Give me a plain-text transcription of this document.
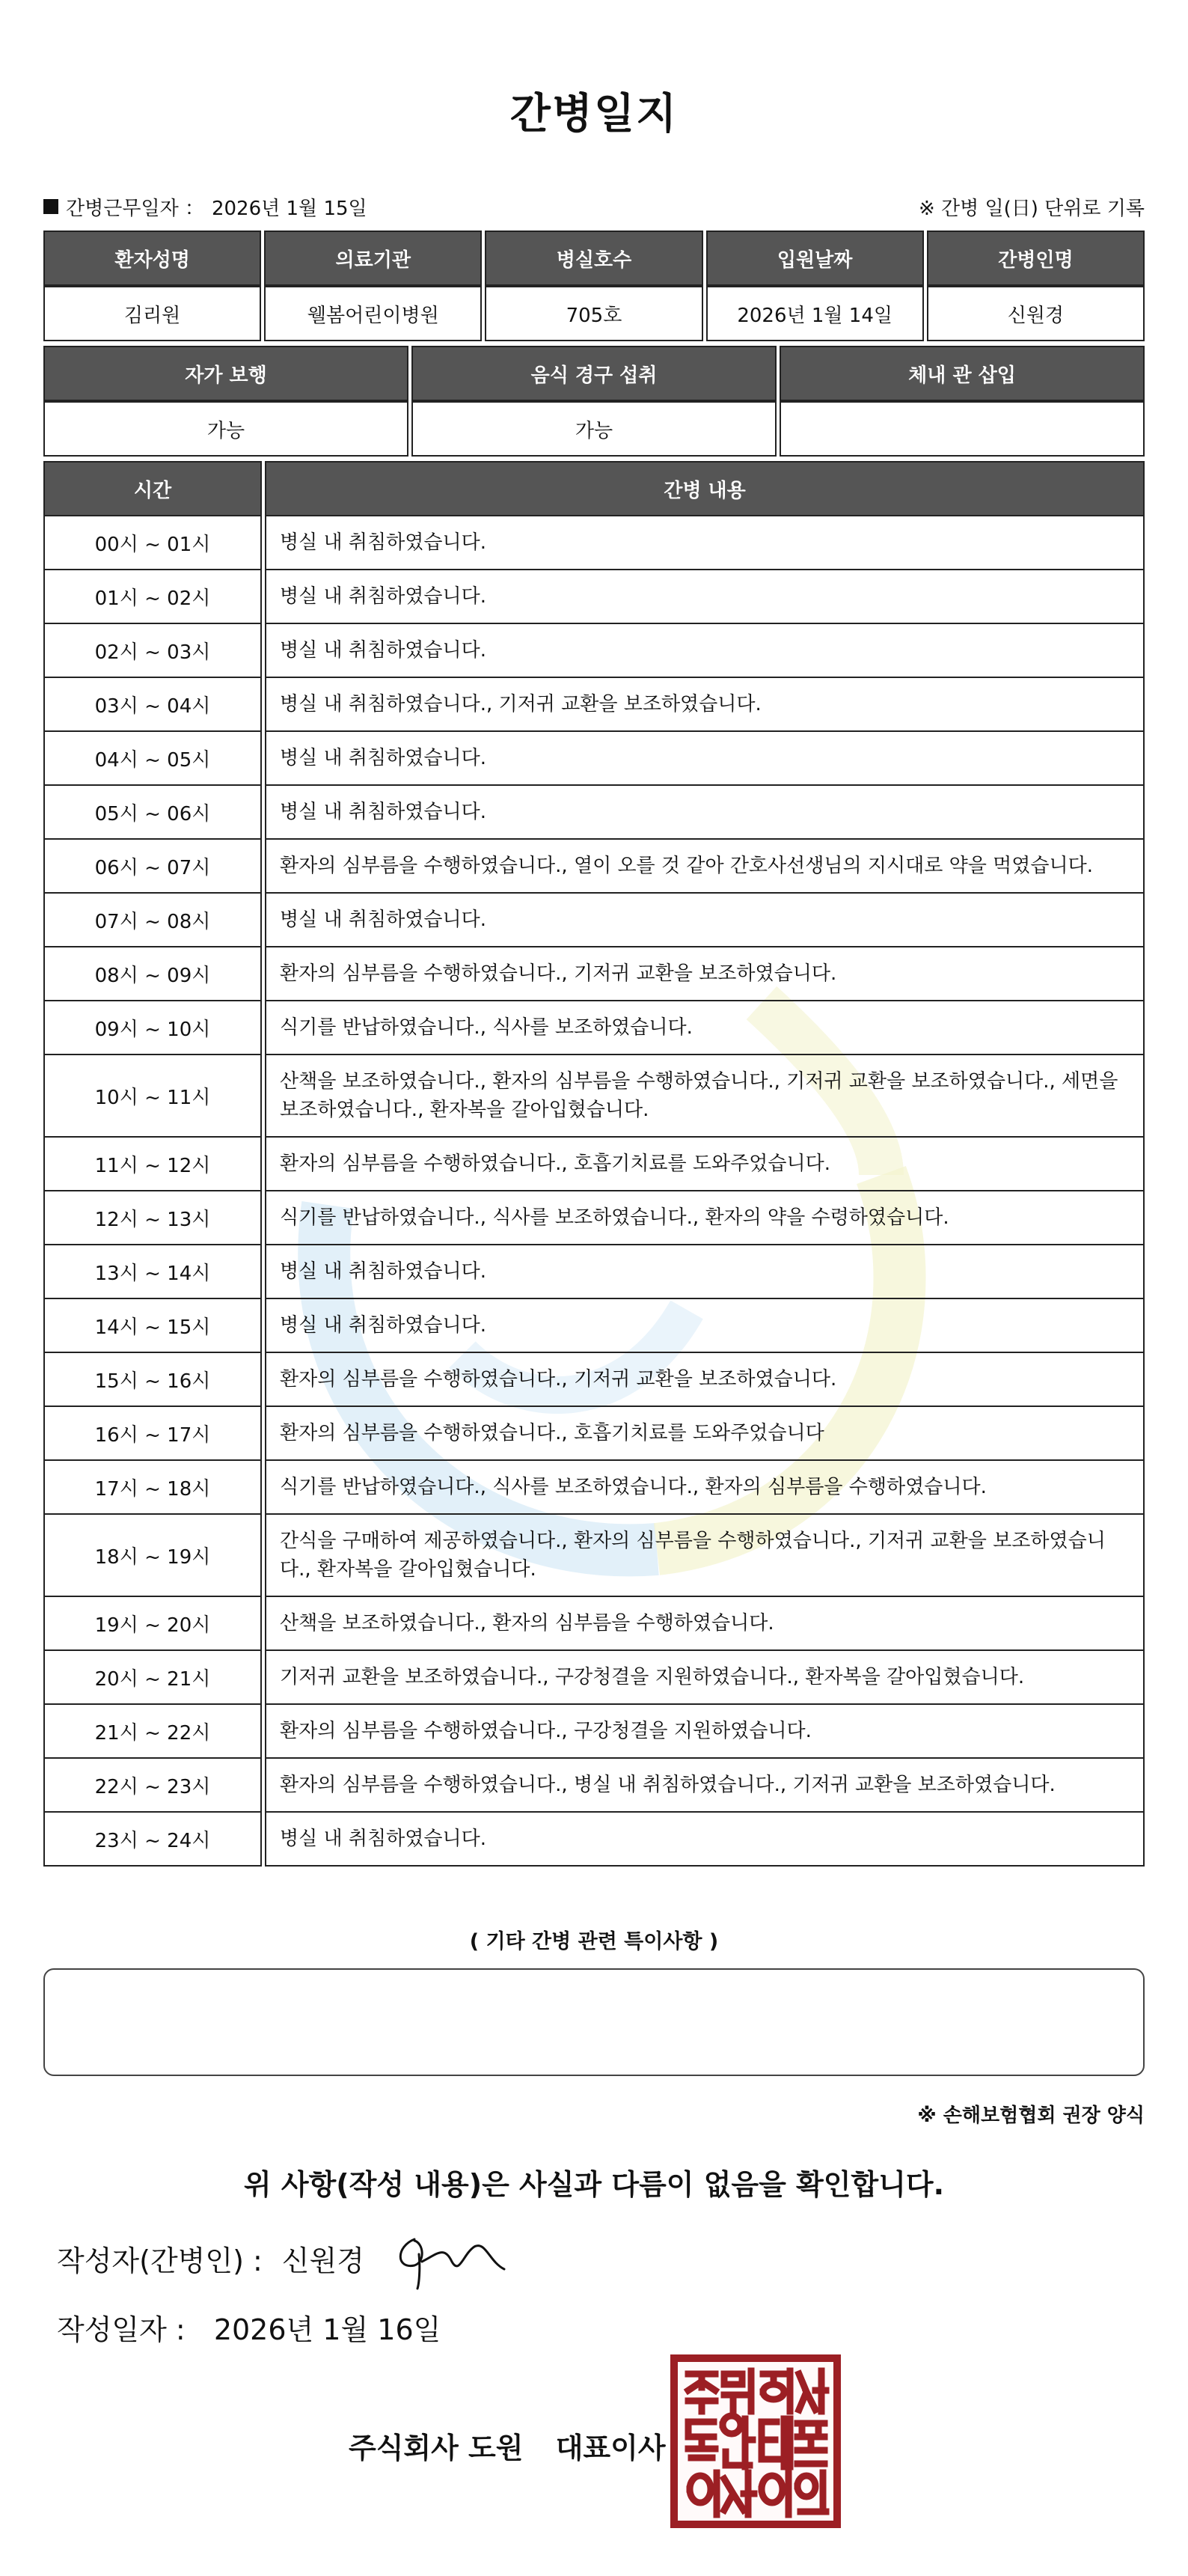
간병일지
간병근무일자 ： 2026년 1월 15일	※ 간병 일(日) 단위로 기록
환자성명	의료기관	병실호수	입원날짜	간병인명
김리원	웰봄어린이병원	705호	2026년 1월 14일	신원경
자가 보행	음식 경구 섭취	체내 관 삽입
가능	가능	
시간	간병 내용
00시 ~ 01시	병실 내 취침하였습니다.
01시 ~ 02시	병실 내 취침하였습니다.
02시 ~ 03시	병실 내 취침하였습니다.
03시 ~ 04시	병실 내 취침하였습니다., 기저귀 교환을 보조하였습니다.
04시 ~ 05시	병실 내 취침하였습니다.
05시 ~ 06시	병실 내 취침하였습니다.
06시 ~ 07시	환자의 심부름을 수행하였습니다., 열이 오를 것 같아 간호사선생님의 지시대로 약을 먹였습니다.
07시 ~ 08시	병실 내 취침하였습니다.
08시 ~ 09시	환자의 심부름을 수행하였습니다., 기저귀 교환을 보조하였습니다.
09시 ~ 10시	식기를 반납하였습니다., 식사를 보조하였습니다.
10시 ~ 11시	산책을 보조하였습니다., 환자의 심부름을 수행하였습니다., 기저귀 교환을 보조하였습니다., 세면을 보조하였습니다., 환자복을 갈아입혔습니다.
11시 ~ 12시	환자의 심부름을 수행하였습니다., 호흡기치료를 도와주었습니다.
12시 ~ 13시	식기를 반납하였습니다., 식사를 보조하였습니다., 환자의 약을 수령하였습니다.
13시 ~ 14시	병실 내 취침하였습니다.
14시 ~ 15시	병실 내 취침하였습니다.
15시 ~ 16시	환자의 심부름을 수행하였습니다., 기저귀 교환을 보조하였습니다.
16시 ~ 17시	환자의 심부름을 수행하였습니다., 호흡기치료를 도와주었습니다
17시 ~ 18시	식기를 반납하였습니다., 식사를 보조하였습니다., 환자의 심부름을 수행하였습니다.
18시 ~ 19시	간식을 구매하여 제공하였습니다., 환자의 심부름을 수행하였습니다., 기저귀 교환을 보조하였습니다., 환자복을 갈아입혔습니다.
19시 ~ 20시	산책을 보조하였습니다., 환자의 심부름을 수행하였습니다.
20시 ~ 21시	기저귀 교환을 보조하였습니다., 구강청결을 지원하였습니다., 환자복을 갈아입혔습니다.
21시 ~ 22시	환자의 심부름을 수행하였습니다., 구강청결을 지원하였습니다.
22시 ~ 23시	환자의 심부름을 수행하였습니다., 병실 내 취침하였습니다., 기저귀 교환을 보조하였습니다.
23시 ~ 24시	병실 내 취침하였습니다.
( 기타 간병 관련 특이사항 )
※ 손해보험협회 권장 양식
위 사항(작성 내용)은 사실과 다름이 없음을 확인합니다.
작성자(간병인) : 신원경
작성일자 : 2026년 1월 16일
주식회사 도원 대표이사
